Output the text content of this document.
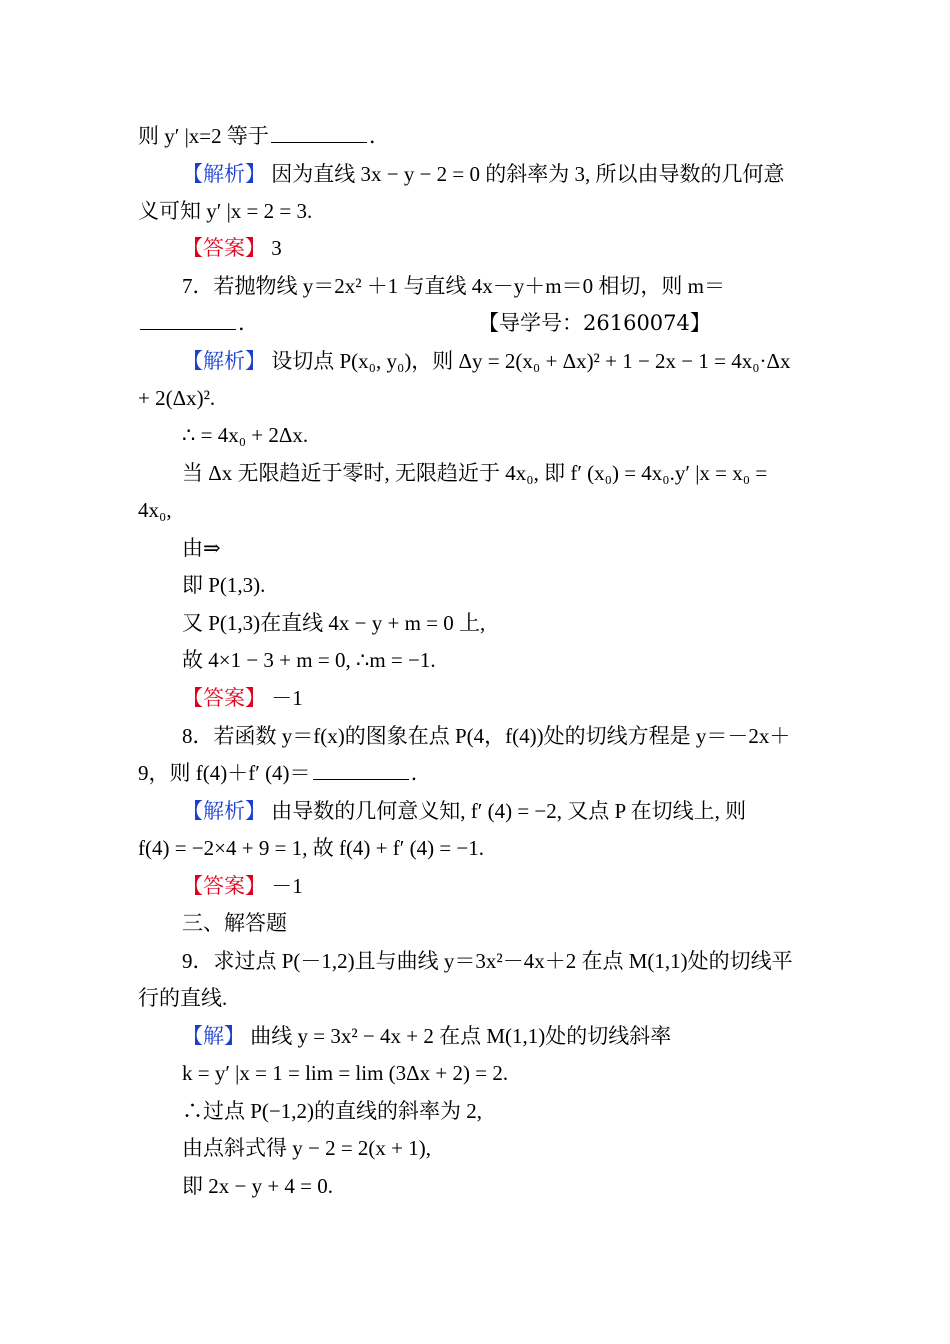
则 y′ |x=2 等于	.
【解析】 因为直线 3x − y − 2 = 0 的斜率为 3, 所以由导数的几何意
义可知 y′ |x = 2 = 3.
【答案】 3
7．若抛物线 y＝2x² ＋1 与直线 4x－y＋m＝0 相切，则 m＝
.	【导学号：26160074】
【解析】 设切点 P(x₀, y₀)，则 Δy = 2(x₀ + Δx)² + 1 − 2x − 1 = 4x₀·Δx
+ 2(Δx)².
∴ = 4x₀ + 2Δx.
当 Δx 无限趋近于零时, 无限趋近于 4x₀, 即 f′ (x₀) = 4x₀.y′ |x = x₀ =
4x₀,
由⇒
即 P(1,3).
又 P(1,3)在直线 4x − y + m = 0 上,
故 4×1 − 3 + m = 0, ∴m = −1.
【答案】 －1
8．若函数 y＝f(x)的图象在点 P(4，f(4))处的切线方程是 y＝－2x＋
9，则 f(4)＋f′ (4)＝	.
【解析】 由导数的几何意义知, f′ (4) = −2, 又点 P 在切线上, 则
f(4) = −2×4 + 9 = 1, 故 f(4) + f′ (4) = −1.
【答案】 －1
三、解答题
9．求过点 P(－1,2)且与曲线 y＝3x²－4x＋2 在点 M(1,1)处的切线平
行的直线.
【解】 曲线 y = 3x² − 4x + 2 在点 M(1,1)处的切线斜率
k = y′ |x = 1 = lim = lim (3Δx + 2) = 2.
∴过点 P(−1,2)的直线的斜率为 2,
由点斜式得 y − 2 = 2(x + 1),
即 2x − y + 4 = 0.
